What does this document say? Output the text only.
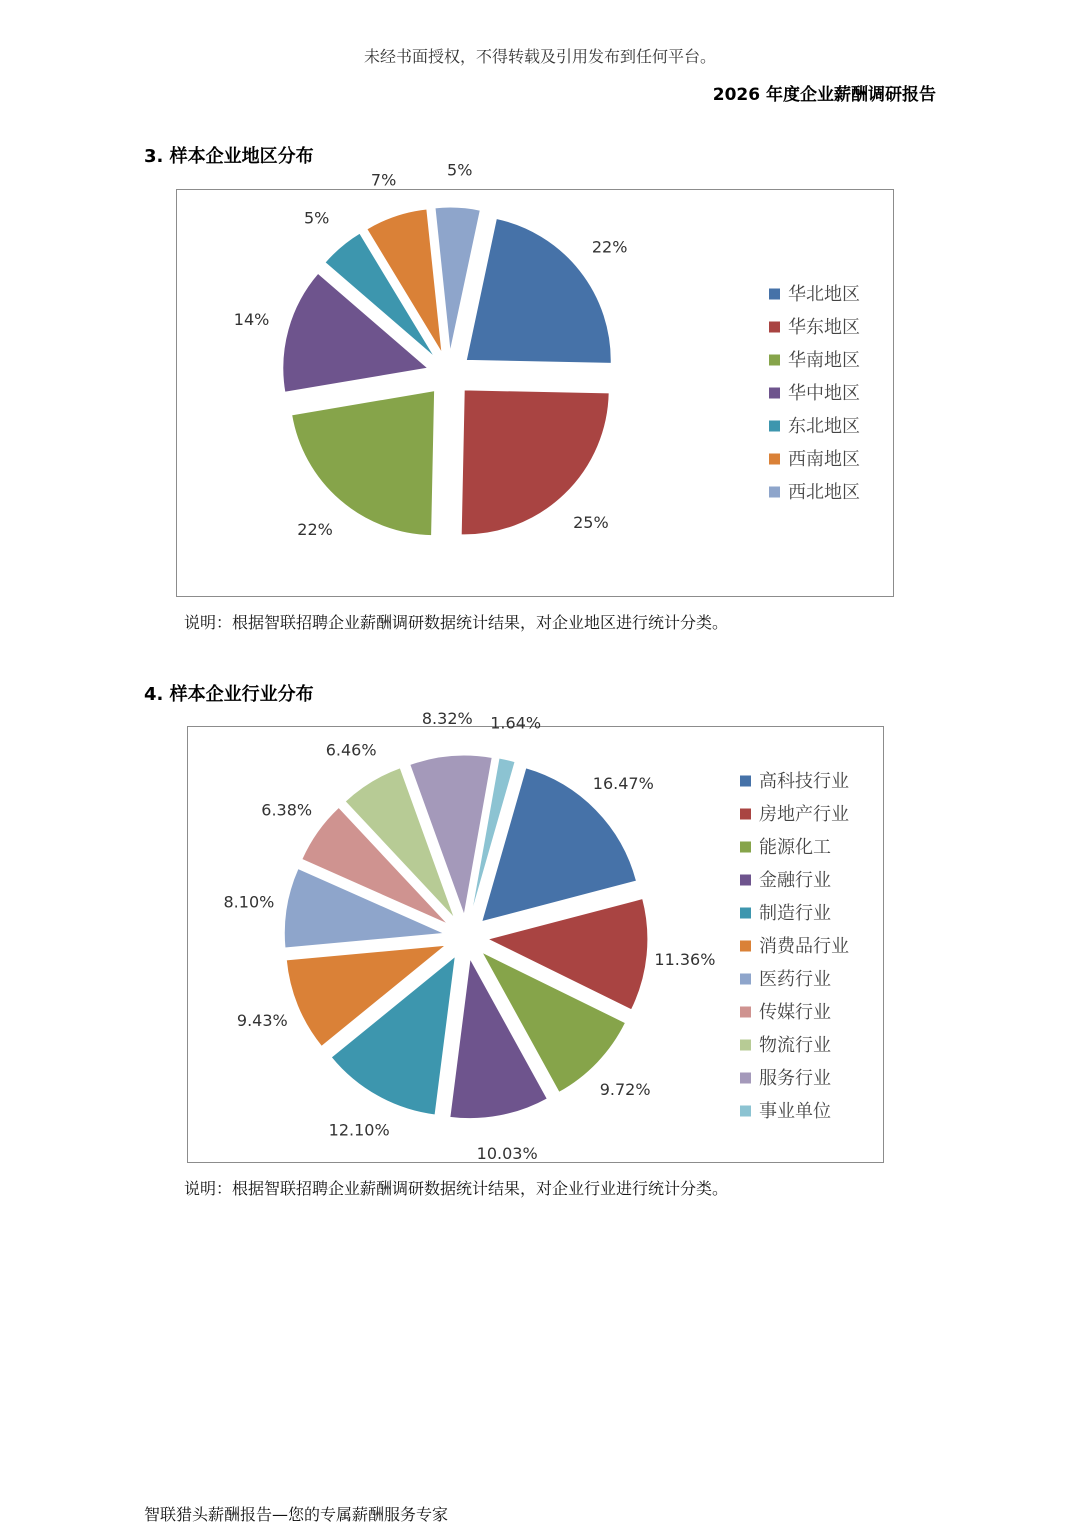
未经书面授权，不得转载及引用发布到任何平台。
2026 年度企业薪酬调研报告
3. 样本企业地区分布
22%
25%
22%
14%
5%
7%
5%
华北地区
华东地区
华南地区
华中地区
东北地区
西南地区
西北地区
说明：根据智联招聘企业薪酬调研数据统计结果，对企业地区进行统计分类。
4. 样本企业行业分布
16.47%
11.36%
9.72%
10.03%
12.10%
9.43%
8.10%
6.38%
6.46%
8.32% 1.64%
高科技行业
房地产行业
能源化工
金融行业
制造行业
消费品行业
医药行业
传媒行业
物流行业
服务行业
事业单位
说明：根据智联招聘企业薪酬调研数据统计结果，对企业行业进行统计分类。
智联猎头薪酬报告—您的专属薪酬服务专家
